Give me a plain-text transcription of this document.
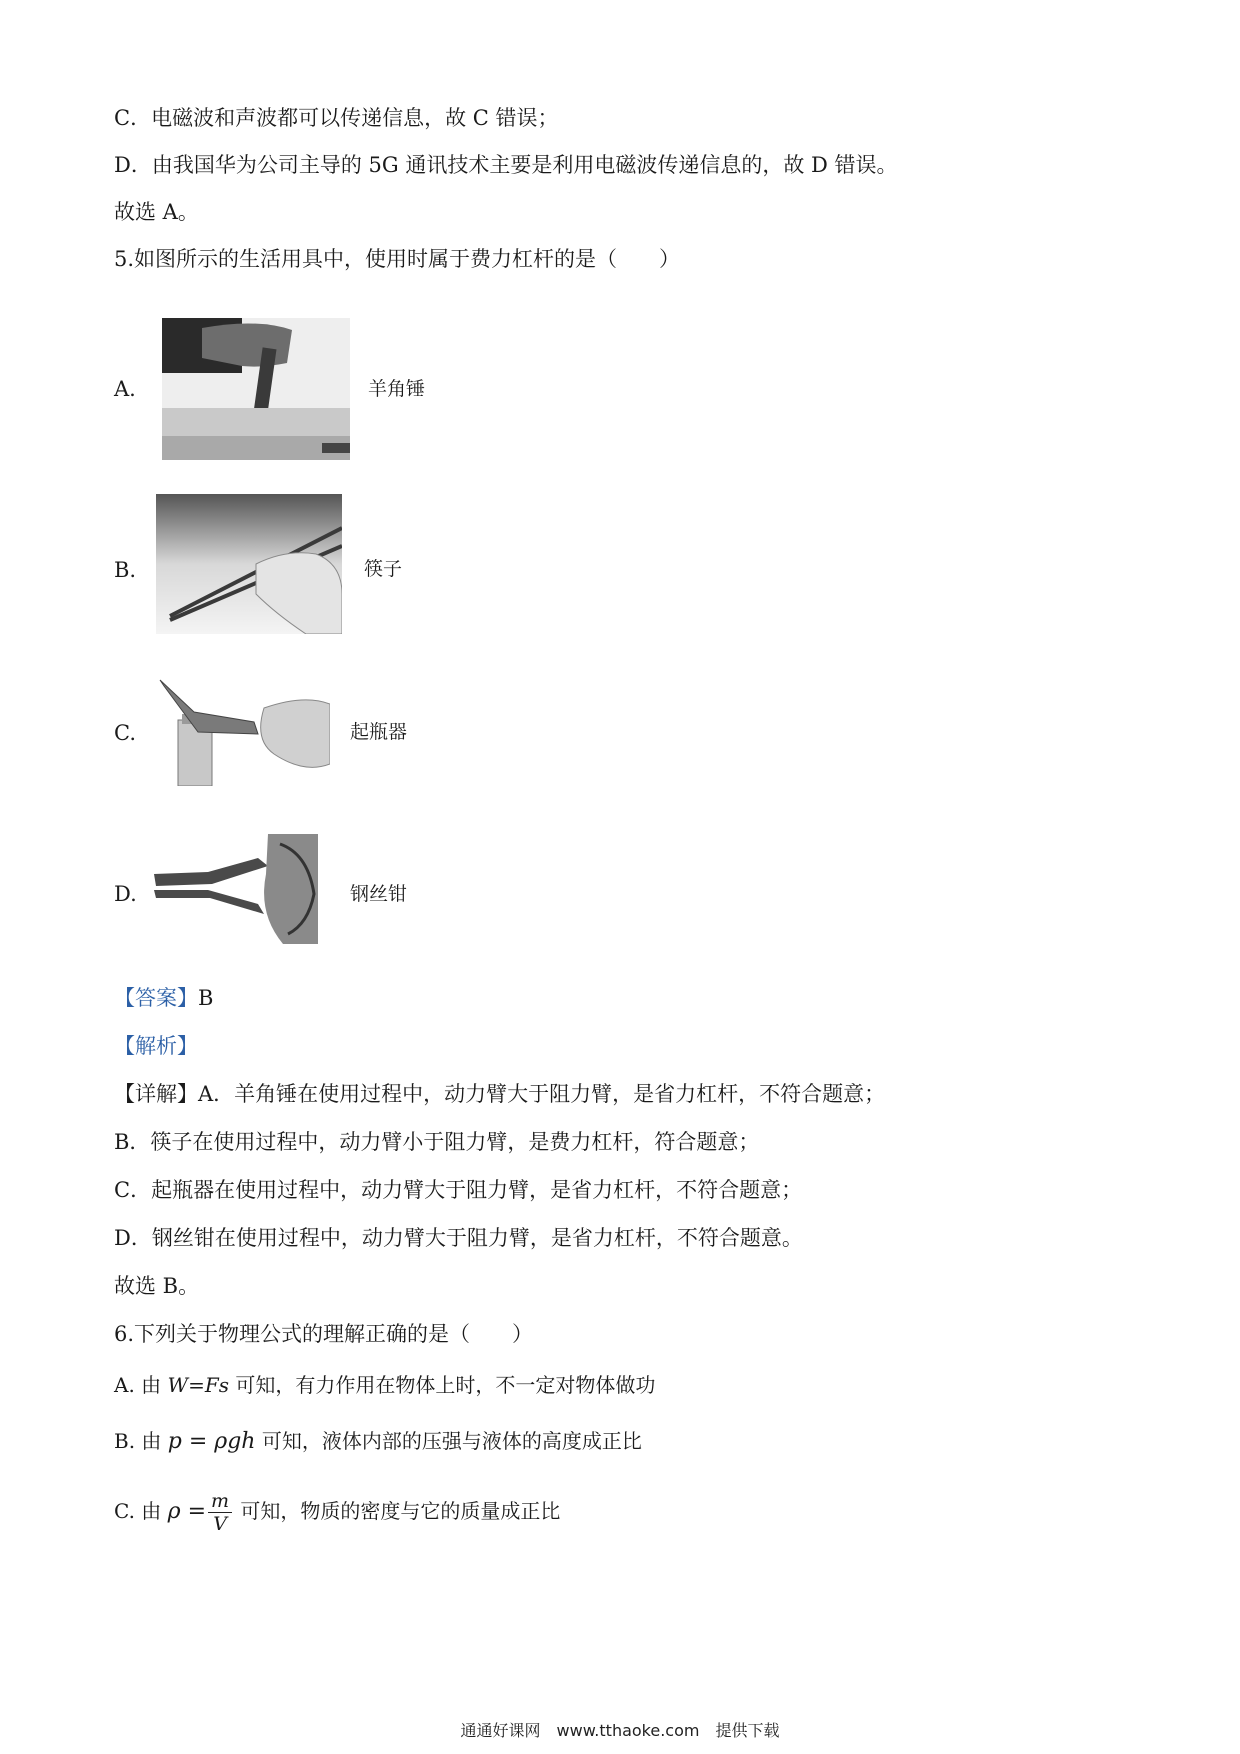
C．电磁波和声波都可以传递信息，故 C 错误；
D．由我国华为公司主导的 5G 通讯技术主要是利用电磁波传递信息的，故 D 错误。
故选 A。
5.如图所示的生活用具中，使用时属于费力杠杆的是（　　）
A.	羊角锤
B.	筷子
C.	起瓶器
D.	钢丝钳
【答案】B
【解析】
【详解】A．羊角锤在使用过程中，动力臂大于阻力臂，是省力杠杆，不符合题意；
B．筷子在使用过程中，动力臂小于阻力臂，是费力杠杆，符合题意；
C．起瓶器在使用过程中，动力臂大于阻力臂，是省力杠杆，不符合题意；
D．钢丝钳在使用过程中，动力臂大于阻力臂，是省力杠杆，不符合题意。
故选 B。
6.下列关于物理公式的理解正确的是（　　）
A. 由 W=Fs 可知，有力作用在物体上时，不一定对物体做功
B. 由 p = ρgh 可知，液体内部的压强与液体的高度成正比
C. 由 $\rho = \frac{m}{V}$ 可知，物质的密度与它的质量成正比
通通好课网　www.tthaoke.com　提供下载
